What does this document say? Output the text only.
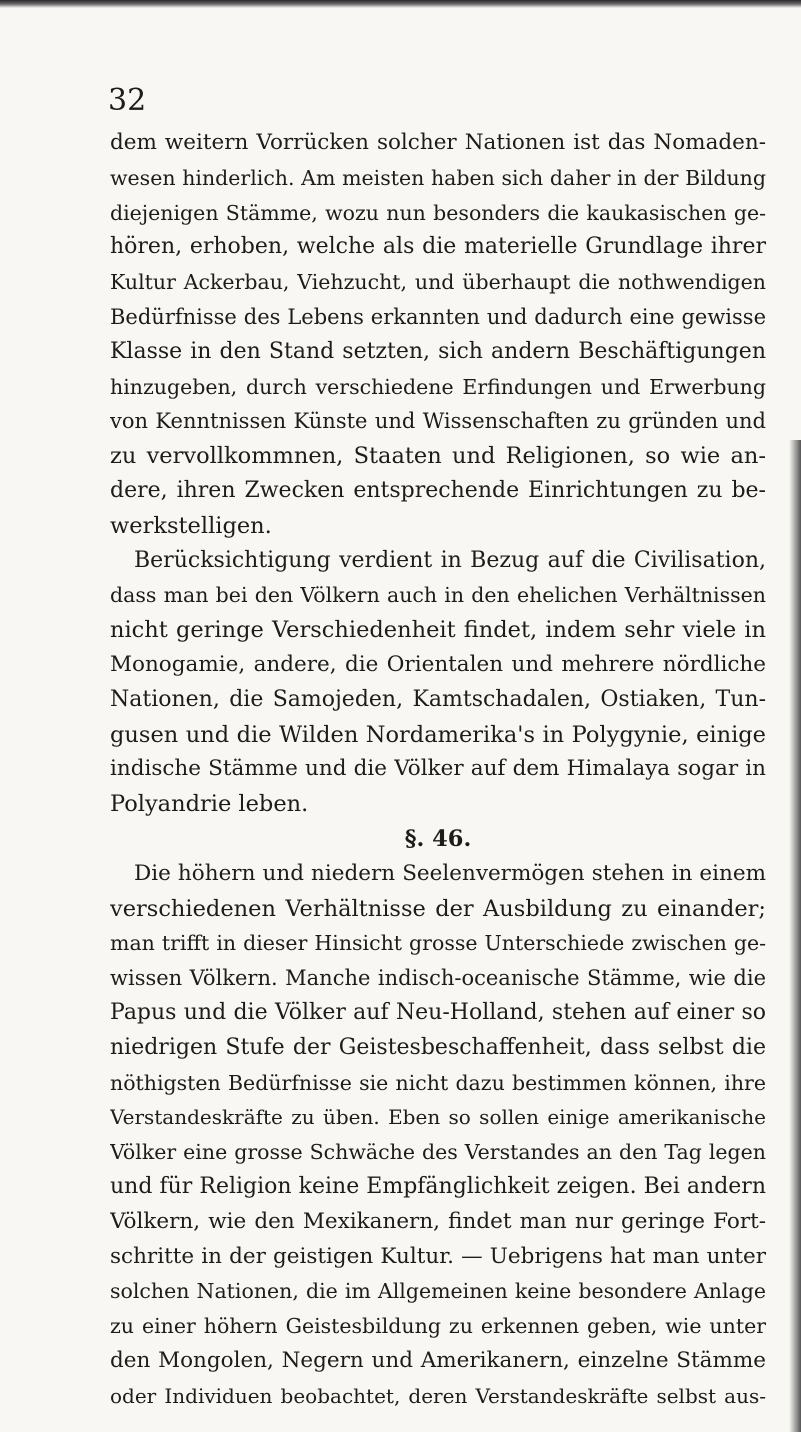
32
dem weitern Vorrücken solcher Nationen ist das Nomaden-
wesen hinderlich. Am meisten haben sich daher in der Bildung
diejenigen Stämme, wozu nun besonders die kaukasischen ge-
hören, erhoben, welche als die materielle Grundlage ihrer
Kultur Ackerbau, Viehzucht, und überhaupt die nothwendigen
Bedürfnisse des Lebens erkannten und dadurch eine gewisse
Klasse in den Stand setzten, sich andern Beschäftigungen
hinzugeben, durch verschiedene Erfindungen und Erwerbung
von Kenntnissen Künste und Wissenschaften zu gründen und
zu vervollkommnen, Staaten und Religionen, so wie an-
dere, ihren Zwecken entsprechende Einrichtungen zu be-
werkstelligen.
Berücksichtigung verdient in Bezug auf die Civilisation,
dass man bei den Völkern auch in den ehelichen Verhältnissen
nicht geringe Verschiedenheit findet, indem sehr viele in
Monogamie, andere, die Orientalen und mehrere nördliche
Nationen, die Samojeden, Kamtschadalen, Ostiaken, Tun-
gusen und die Wilden Nordamerika's in Polygynie, einige
indische Stämme und die Völker auf dem Himalaya sogar in
Polyandrie leben.
§. 46.
Die höhern und niedern Seelenvermögen stehen in einem
verschiedenen Verhältnisse der Ausbildung zu einander;
man trifft in dieser Hinsicht grosse Unterschiede zwischen ge-
wissen Völkern. Manche indisch-oceanische Stämme, wie die
Papus und die Völker auf Neu-Holland, stehen auf einer so
niedrigen Stufe der Geistesbeschaffenheit, dass selbst die
nöthigsten Bedürfnisse sie nicht dazu bestimmen können, ihre
Verstandeskräfte zu üben. Eben so sollen einige amerikanische
Völker eine grosse Schwäche des Verstandes an den Tag legen
und für Religion keine Empfänglichkeit zeigen. Bei andern
Völkern, wie den Mexikanern, findet man nur geringe Fort-
schritte in der geistigen Kultur. — Uebrigens hat man unter
solchen Nationen, die im Allgemeinen keine besondere Anlage
zu einer höhern Geistesbildung zu erkennen geben, wie unter
den Mongolen, Negern und Amerikanern, einzelne Stämme
oder Individuen beobachtet, deren Verstandeskräfte selbst aus-
